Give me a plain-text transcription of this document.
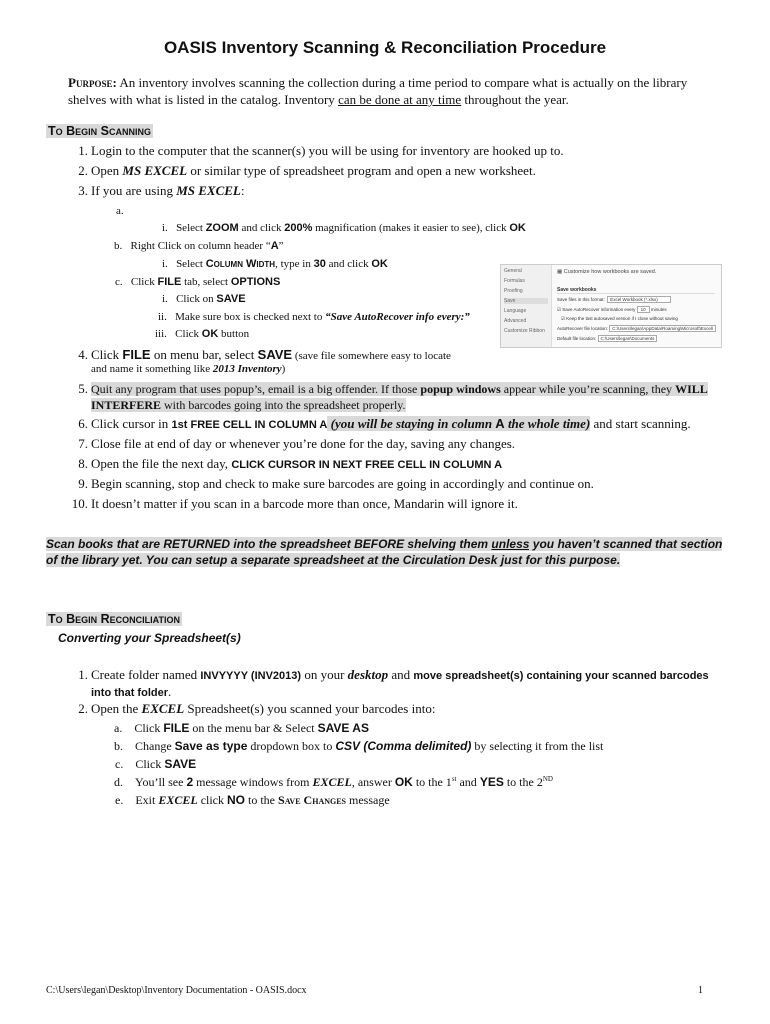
OASIS Inventory Scanning & Reconciliation Procedure
Purpose: An inventory involves scanning the collection during a time period to compare what is actually on the library shelves with what is listed in the catalog. Inventory can be done at any time throughout the year.
To Begin Scanning
1. Login to the computer that the scanner(s) you will be using for inventory are hooked up to.
2. Open MS EXCEL or similar type of spreadsheet program and open a new worksheet.
3. If you are using MS EXCEL:
a.
i.   Select ZOOM and click 200% magnification (makes it easier to see), click OK
b.   Right Click on column header “A”
i.   Select Column Width, type in 30 and click OK
c.   Click FILE tab, select OPTIONS
i.   Click on SAVE
ii.   Make sure box is checked next to “Save AutoRecover info every:”
iii.   Click OK button
General
Formulas
Proofing
Save
Language
Advanced
Customize Ribbon
▦ Customize how workbooks are saved.
Save workbooks
Save files in this format: Excel Workbook (*.xlsx)
☑ Save AutoRecover information every 10 minutes
☑ Keep the last autosaved version if I close without saving
AutoRecover file location: C:\Users\legan\AppData\Roaming\Microsoft\Excel\
Default file location: C:\Users\legan\Documents
4. Click FILE on menu bar, select SAVE (save file somewhere easy to locate
and name it something like 2013 Inventory)
5. Quit any program that uses popup’s, email is a big offender. If those popup windows appear while you’re scanning, they WILL INTERFERE with barcodes going into the spreadsheet properly.
6. Click cursor in 1st FREE CELL IN COLUMN A (you will be staying in column A the whole time) and start scanning.
7. Close file at end of day or whenever you’re done for the day, saving any changes.
8. Open the file the next day, CLICK CURSOR IN NEXT FREE CELL IN COLUMN A
9. Begin scanning, stop and check to make sure barcodes are going in accordingly and continue on.
10. It doesn’t matter if you scan in a barcode more than once, Mandarin will ignore it.
Scan books that are RETURNED into the spreadsheet BEFORE shelving them unless you haven’t scanned that section of the library yet. You can setup a separate spreadsheet at the Circulation Desk just for this purpose.
To Begin Reconciliation
Converting your Spreadsheet(s)
1. Create folder named INVYYYY (INV2013) on your desktop and move spreadsheet(s) containing your scanned barcodes into that folder.
2. Open the EXCEL Spreadsheet(s) you scanned your barcodes into:
a.    Click FILE on the menu bar & Select SAVE AS
b.    Change Save as type dropdown box to CSV (Comma delimited) by selecting it from the list
c.    Click SAVE
d.    You’ll see 2 message windows from EXCEL, answer OK to the 1st and YES to the 2ND
e.    Exit EXCEL click NO to the Save Changes message
C:\Users\legan\Desktop\Inventory Documentation - OASIS.docx	1
